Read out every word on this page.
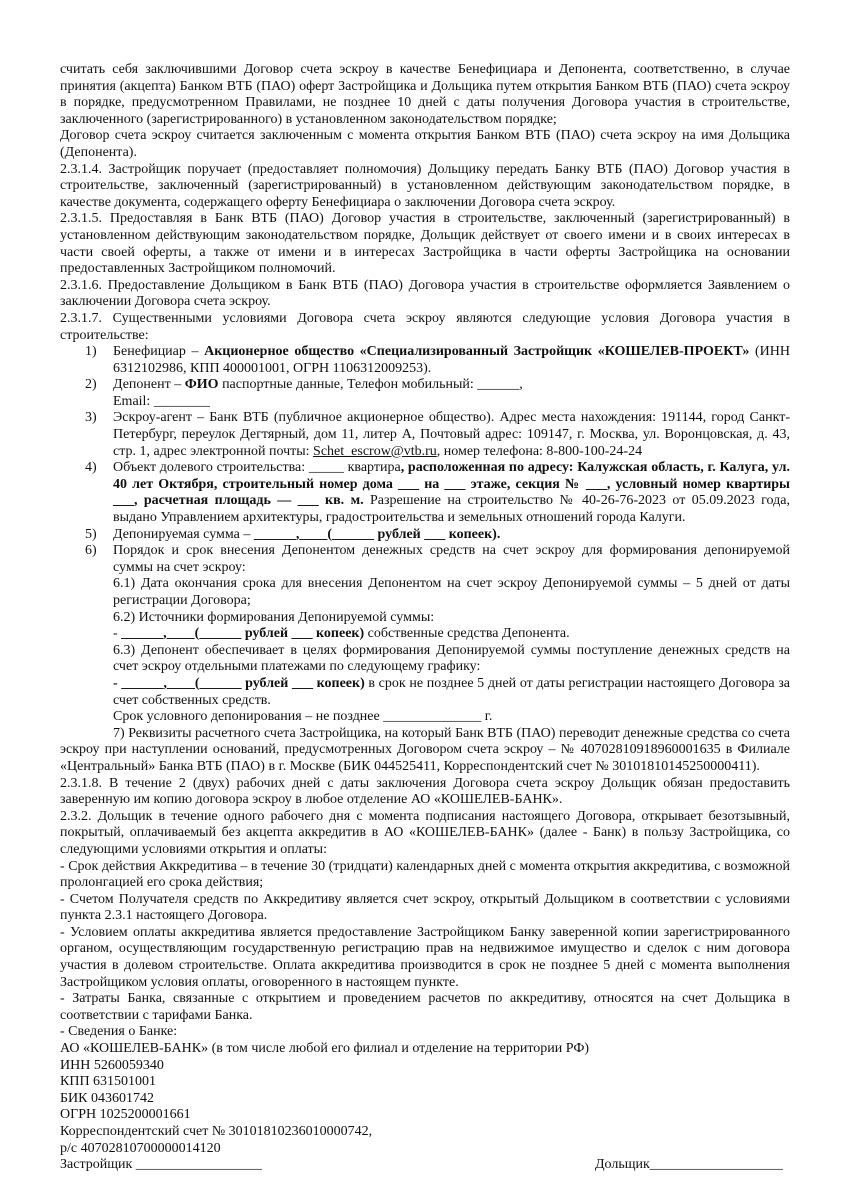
считать себя заключившими Договор счета эскроу в качестве Бенефициара и Депонента, соответственно, в случае принятия (акцепта) Банком ВТБ (ПАО) оферт Застройщика и Дольщика путем открытия Банком ВТБ (ПАО) счета эскроу в порядке, предусмотренном Правилами, не позднее 10 дней с даты получения Договора участия в строительстве, заключенного (зарегистрированного) в установленном законодательством порядке;
Договор счета эскроу считается заключенным с момента открытия Банком ВТБ (ПАО) счета эскроу на имя Дольщика (Депонента).
2.3.1.4. Застройщик поручает (предоставляет полномочия) Дольщику передать Банку ВТБ (ПАО) Договор участия в строительстве, заключенный (зарегистрированный) в установленном действующим законодательством порядке, в качестве документа, содержащего оферту Бенефициара о заключении Договора счета эскроу.
2.3.1.5. Предоставляя в Банк ВТБ (ПАО) Договор участия в строительстве, заключенный (зарегистрированный) в установленном действующим законодательством порядке, Дольщик действует от своего имени и в своих интересах в части своей оферты, а также от имени и в интересах Застройщика в части оферты Застройщика на основании предоставленных Застройщиком полномочий.
2.3.1.6. Предоставление Дольщиком в Банк ВТБ (ПАО) Договора участия в строительстве оформляется Заявлением о заключении Договора счета эскроу.
2.3.1.7. Существенными условиями Договора счета эскроу являются следующие условия Договора участия в строительстве:
1)	Бенефициар – Акционерное общество «Специализированный Застройщик «КОШЕЛЕВ-ПРОЕКТ» (ИНН 6312102986, КПП 400001001, ОГРН 1106312009253).
2)	Депонент – ФИО паспортные данные, Телефон мобильный: ______,
Email: ________
3)	Эскроу-агент – Банк ВТБ (публичное акционерное общество). Адрес места нахождения: 191144, город Санкт-Петербург, переулок Дегтярный, дом 11, литер А, Почтовый адрес: 109147, г. Москва, ул. Воронцовская, д. 43, стр. 1, адрес электронной почты: Schet_escrow@vtb.ru, номер телефона: 8-800-100-24-24
4)	Объект долевого строительства: _____ квартира, расположенная по адресу: Калужская область, г. Калуга, ул. 40 лет Октября, строительный номер дома ___ на ___ этаже, секция № ___, условный номер квартиры ___, расчетная площадь — ___ кв. м. Разрешение на строительство № 40-26-76-2023 от 05.09.2023 года, выдано Управлением архитектуры, градостроительства и земельных отношений города Калуги.
5)	Депонируемая сумма – ______,____(______ рублей ___ копеек).
6)	Порядок и срок внесения Депонентом денежных средств на счет эскроу для формирования депонируемой суммы на счет эскроу:
6.1) Дата окончания срока для внесения Депонентом на счет эскроу Депонируемой суммы – 5 дней от даты регистрации Договора;
6.2) Источники формирования Депонируемой суммы:
- ______,____(______ рублей ___ копеек) собственные средства Депонента.
6.3) Депонент обеспечивает в целях формирования Депонируемой суммы поступление денежных средств на счет эскроу отдельными платежами по следующему графику:
- ______,____(______ рублей ___ копеек) в срок не позднее 5 дней от даты регистрации настоящего Договора за счет собственных средств.
Срок условного депонирования – не позднее ______________ г.
7) Реквизиты расчетного счета Застройщика, на который Банк ВТБ (ПАО) переводит денежные средства со счета эскроу при наступлении оснований, предусмотренных Договором счета эскроу – № 40702810918960001635 в Филиале «Центральный» Банка ВТБ (ПАО) в г. Москве (БИК 044525411, Корреспондентский счет № 30101810145250000411).
2.3.1.8. В течение 2 (двух) рабочих дней с даты заключения Договора счета эскроу Дольщик обязан предоставить заверенную им копию договора эскроу в любое отделение АО «КОШЕЛЕВ-БАНК».
2.3.2. Дольщик в течение одного рабочего дня с момента подписания настоящего Договора, открывает безотзывный, покрытый, оплачиваемый без акцепта аккредитив в АО «КОШЕЛЕВ-БАНК» (далее - Банк) в пользу Застройщика, со следующими условиями открытия и оплаты:
- Срок действия Аккредитива – в течение 30 (тридцати) календарных дней с момента открытия аккредитива, с возможной пролонгацией его срока действия;
- Счетом Получателя средств по Аккредитиву является счет эскроу, открытый Дольщиком в соответствии с условиями пункта 2.3.1 настоящего Договора.
- Условием оплаты аккредитива является предоставление Застройщиком Банку заверенной копии зарегистрированного органом, осуществляющим государственную регистрацию прав на недвижимое имущество и сделок с ним договора участия в долевом строительстве. Оплата аккредитива производится в срок не позднее 5 дней с момента выполнения Застройщиком условия оплаты, оговоренного в настоящем пункте.
- Затраты Банка, связанные с открытием и проведением расчетов по аккредитиву, относятся на счет Дольщика в соответствии с тарифами Банка.
- Сведения о Банке:
АО «КОШЕЛЕВ-БАНК» (в том числе любой его филиал и отделение на территории РФ)
ИНН 5260059340
КПП 631501001
БИК 043601742
ОГРН 1025200001661
Корреспондентский счет № 30101810236010000742,
р/с 40702810700000014120
Застройщик __________________	Дольщик___________________
